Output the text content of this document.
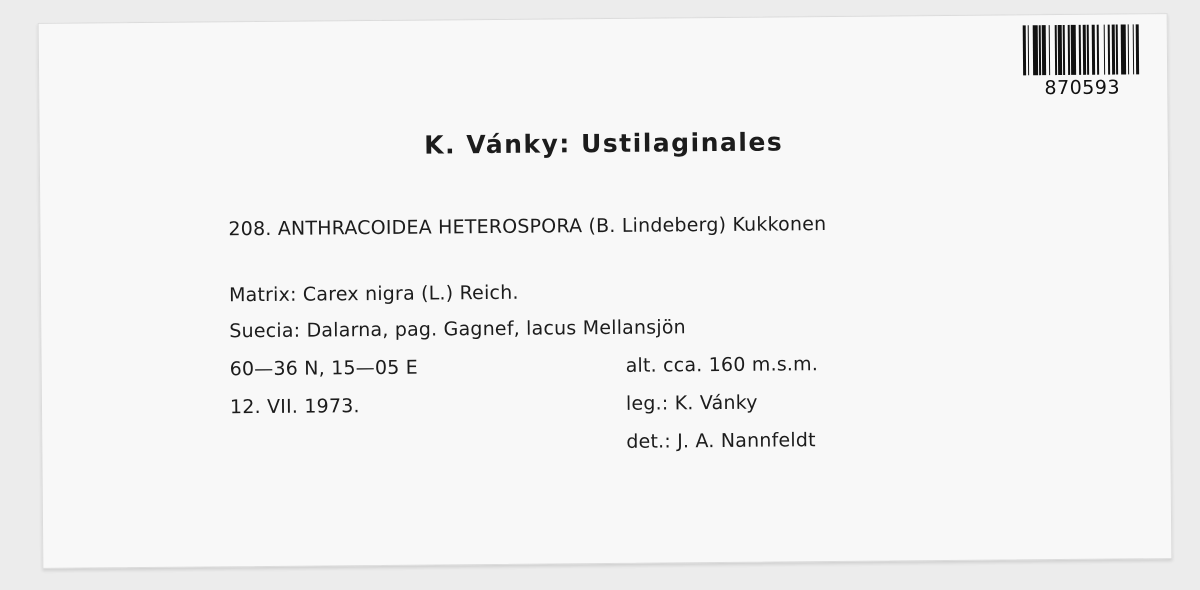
870593
K. Vánky: Ustilaginales
208. ANTHRACOIDEA HETEROSPORA (B. Lindeberg) Kukkonen
Matrix: Carex nigra (L.) Reich.
Suecia: Dalarna, pag. Gagnef, lacus Mellansjön
60—36 N, 15—05 E	alt. cca. 160 m.s.m.
12. VII. 1973.	leg.: K. Vánky
det.: J. A. Nannfeldt
